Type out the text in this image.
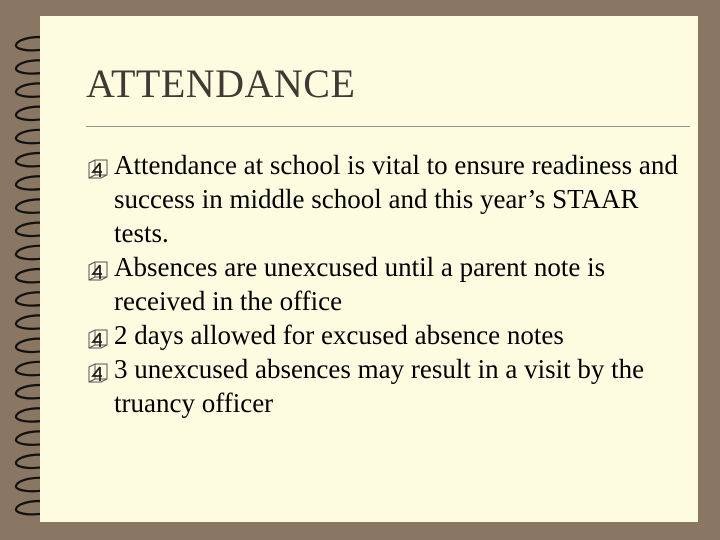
ATTENDANCE
Attendance at school is vital to ensure readiness and success in middle school and this year’s STAAR tests.
Absences are unexcused until a parent note is received in the office
2 days allowed for excused absence notes
3 unexcused absences may result in a visit by the truancy officer
